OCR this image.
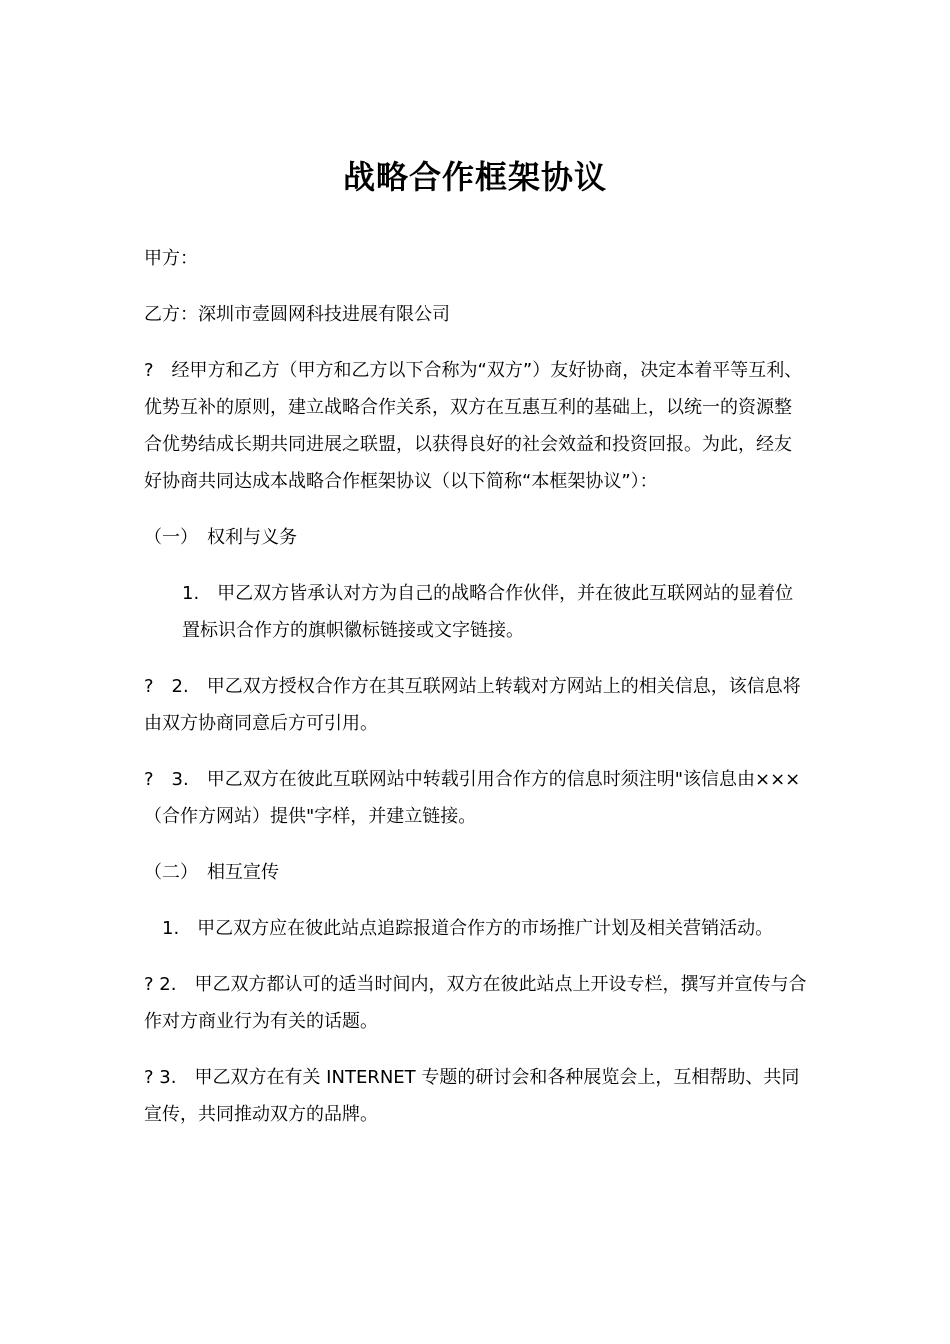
战略合作框架协议

甲方：

乙方：深圳市壹圆网科技进展有限公司

?　经甲方和乙方（甲方和乙方以下合称为“双方”）友好协商，决定本着平等互利、优势互补的原则，建立战略合作关系，双方在互惠互利的基础上，以统一的资源整合优势结成长期共同进展之联盟，以获得良好的社会效益和投资回报。为此，经友好协商共同达成本战略合作框架协议（以下简称“本框架协议”）：

（一）　权利与义务

1.　甲乙双方皆承认对方为自己的战略合作伙伴，并在彼此互联网站的显着位置标识合作方的旗帜徽标链接或文字链接。

?　2.　甲乙双方授权合作方在其互联网站上转载对方网站上的相关信息，该信息将由双方协商同意后方可引用。

?　3.　甲乙双方在彼此互联网站中转载引用合作方的信息时须注明"该信息由×××（合作方网站）提供"字样，并建立链接。

（二）　相互宣传

1.　甲乙双方应在彼此站点追踪报道合作方的市场推广计划及相关营销活动。

? 2.　甲乙双方都认可的适当时间内，双方在彼此站点上开设专栏，撰写并宣传与合作对方商业行为有关的话题。

? 3.　甲乙双方在有关 INTERNET 专题的研讨会和各种展览会上，互相帮助、共同宣传，共同推动双方的品牌。
